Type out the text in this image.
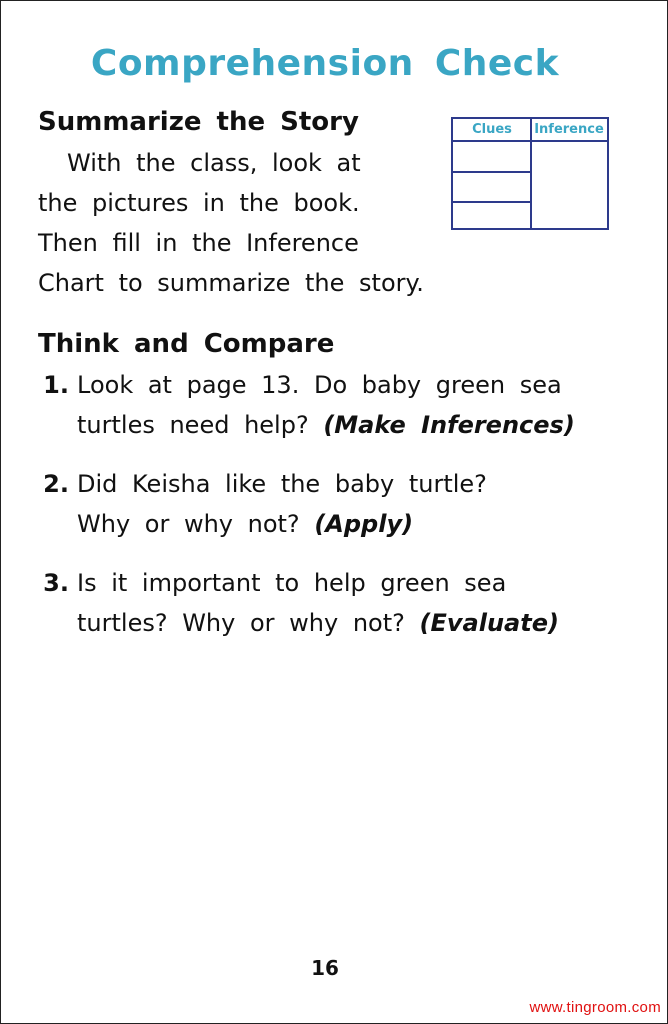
Comprehension Check
Summarize the Story
With the class, look at
the pictures in the book.
Then fill in the Inference
Chart to summarize the story.
Clues	Inference
Think and Compare
1. Look at page 13. Do baby green sea
turtles need help? (Make Inferences)
2. Did Keisha like the baby turtle?
Why or why not? (Apply)
3. Is it important to help green sea
turtles? Why or why not? (Evaluate)
16
www.tingroom.com
